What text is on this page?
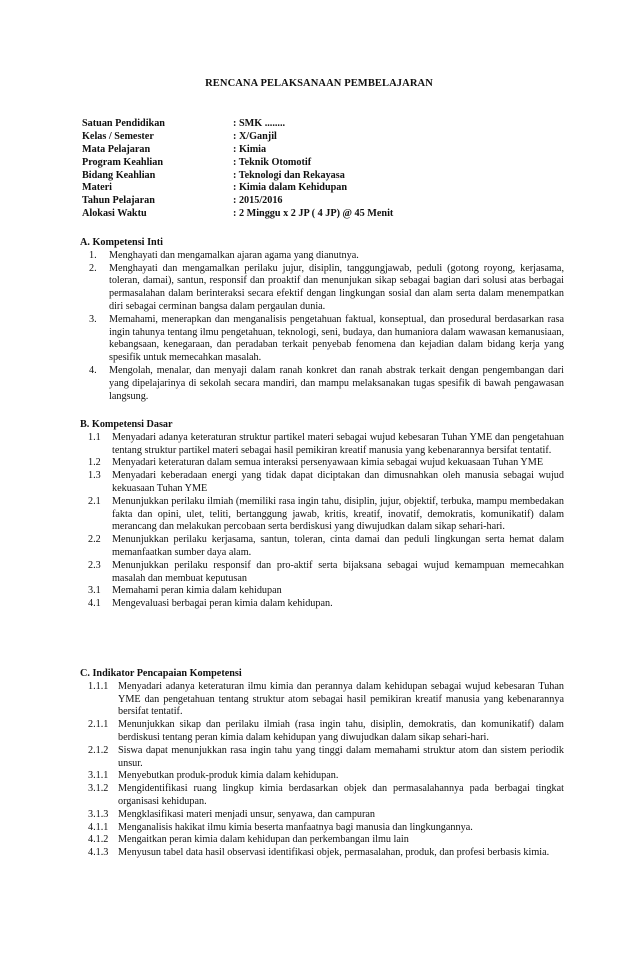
RENCANA PELAKSANAAN PEMBELAJARAN
Satuan Pendidikan	: SMK ........
Kelas / Semester	: X/Ganjil
Mata Pelajaran	: Kimia
Program Keahlian	: Teknik Otomotif
Bidang Keahlian	: Teknologi dan Rekayasa
Materi	: Kimia dalam Kehidupan
Tahun Pelajaran	: 2015/2016
Alokasi Waktu	: 2 Minggu x 2 JP ( 4 JP) @ 45 Menit
A. Kompetensi Inti
1.	Menghayati dan mengamalkan ajaran agama yang dianutnya.
2.	Menghayati dan mengamalkan perilaku jujur, disiplin, tanggungjawab, peduli (gotong royong, kerjasama, toleran, damai), santun, responsif dan proaktif dan menunjukan sikap sebagai bagian dari solusi atas berbagai permasalahan dalam berinteraksi secara efektif dengan lingkungan sosial dan alam serta dalam menempatkan diri sebagai cerminan bangsa dalam pergaulan dunia.
3.	Memahami, menerapkan dan menganalisis pengetahuan faktual, konseptual, dan prosedural berdasarkan rasa ingin tahunya tentang ilmu pengetahuan, teknologi, seni, budaya, dan humaniora dalam wawasan kemanusiaan, kebangsaan, kenegaraan, dan peradaban terkait penyebab fenomena dan kejadian dalam bidang kerja yang spesifik untuk memecahkan masalah.
4.	Mengolah, menalar, dan menyaji dalam ranah konkret dan ranah abstrak terkait dengan pengembangan dari yang dipelajarinya di sekolah secara mandiri, dan mampu melaksanakan tugas spesifik di bawah pengawasan langsung.
B. Kompetensi Dasar
1.1	Menyadari adanya keteraturan struktur partikel materi sebagai wujud kebesaran Tuhan YME dan pengetahuan tentang struktur partikel materi sebagai hasil pemikiran kreatif manusia yang kebenarannya bersifat tentatif.
1.2	Menyadari keteraturan dalam semua interaksi persenyawaan kimia sebagai wujud kekuasaan Tuhan YME
1.3	Menyadari keberadaan energi yang tidak dapat diciptakan dan dimusnahkan oleh manusia sebagai wujud kekuasaan Tuhan YME
2.1	Menunjukkan perilaku ilmiah (memiliki rasa ingin tahu, disiplin, jujur, objektif, terbuka, mampu membedakan fakta dan opini, ulet, teliti, bertanggung jawab, kritis, kreatif, inovatif, demokratis, komunikatif) dalam merancang dan melakukan percobaan serta berdiskusi yang diwujudkan dalam sikap sehari-hari.
2.2	Menunjukkan perilaku kerjasama, santun, toleran, cinta damai dan peduli lingkungan serta hemat dalam memanfaatkan sumber daya alam.
2.3	Menunjukkan perilaku responsif dan pro-aktif serta bijaksana sebagai wujud kemampuan memecahkan masalah dan membuat keputusan
3.1	Memahami peran kimia dalam kehidupan
4.1	Mengevaluasi berbagai peran kimia dalam kehidupan.
C. Indikator Pencapaian Kompetensi
1.1.1 Menyadari adanya keteraturan ilmu kimia dan perannya dalam kehidupan sebagai wujud kebesaran Tuhan YME dan pengetahuan tentang struktur atom sebagai hasil pemikiran kreatif manusia yang kebenarannya bersifat tentatif.
2.1.1 Menunjukkan sikap dan perilaku ilmiah (rasa ingin tahu, disiplin, demokratis, dan komunikatif) dalam berdiskusi tentang peran kimia dalam kehidupan yang diwujudkan dalam sikap sehari-hari.
2.1.2 Siswa dapat menunjukkan rasa ingin tahu yang tinggi dalam memahami struktur atom dan sistem periodik unsur.
3.1.1 Menyebutkan produk-produk kimia dalam kehidupan.
3.1.2 Mengidentifikasi ruang lingkup kimia berdasarkan objek dan permasalahannya pada berbagai tingkat organisasi kehidupan.
3.1.3 Mengklasifikasi materi menjadi unsur, senyawa, dan campuran
4.1.1 Menganalisis hakikat ilmu kimia beserta manfaatnya bagi manusia dan lingkungannya.
4.1.2 Mengaitkan peran kimia dalam kehidupan dan perkembangan ilmu lain
4.1.3 Menyusun tabel data hasil observasi identifikasi objek, permasalahan, produk, dan profesi berbasis kimia.
